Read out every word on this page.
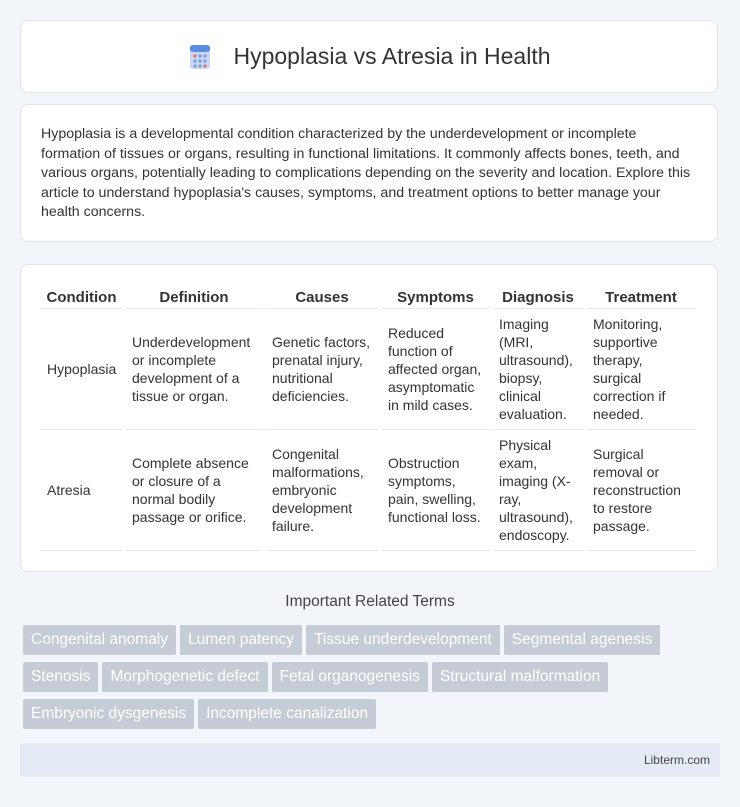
Hypoplasia vs Atresia in Health

Hypoplasia is a developmental condition characterized by the underdevelopment or incomplete formation of tissues or organs, resulting in functional limitations. It commonly affects bones, teeth, and various organs, potentially leading to complications depending on the severity and location. Explore this article to understand hypoplasia's causes, symptoms, and treatment options to better manage your health concerns.

Condition	Definition	Causes	Symptoms	Diagnosis	Treatment
Hypoplasia	Underdevelopment or incomplete development of a tissue or organ.	Genetic factors, prenatal injury, nutritional deficiencies.	Reduced function of affected organ, asymptomatic in mild cases.	Imaging (MRI, ultrasound), biopsy, clinical evaluation.	Monitoring, supportive therapy, surgical correction if needed.
Atresia	Complete absence or closure of a normal bodily passage or orifice.	Congenital malformations, embryonic development failure.	Obstruction symptoms, pain, swelling, functional loss.	Physical exam, imaging (X-ray, ultrasound), endoscopy.	Surgical removal or reconstruction to restore passage.
Important Related Terms
Congenital anomaly Lumen patency Tissue underdevelopment Segmental agenesis
Stenosis Morphogenetic defect Fetal organogenesis Structural malformation
Embryonic dysgenesis Incomplete canalization
Libterm.com
